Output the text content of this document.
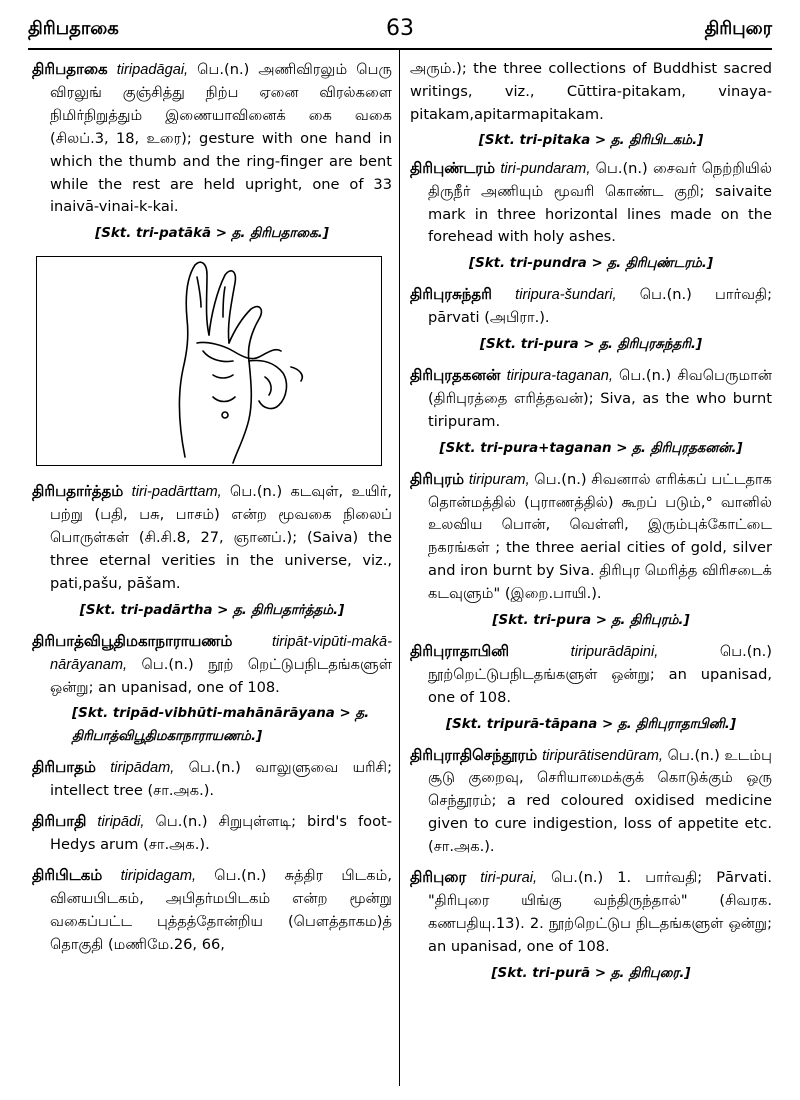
திரிபதாகை	63	திரிபுரை

திரிபதாகை tiripadāgai, பெ.(n.) அணிவிரலும் பெரு விரலுங் குஞ்சித்து நிற்ப ஏனை விரல்களை நிமிர்நிறுத்தும் இணையாவினைக் கை வகை (சிலப்.3, 18, உரை); gesture with one hand in which the thumb and the ring-finger are bent while the rest are held upright, one of 33 inaivā-vinai-k-kai.

[Skt. tri-patākā > த. திரிபதாகை.]

திரிபதார்த்தம் tiri-padārttam, பெ.(n.) கடவுள், உயிர், பற்று (பதி, பசு, பாசம்) என்ற மூவகை நிலைப் பொருள்கள் (சி.சி.8, 27, ஞானப்.); (Saiva) the three eternal verities in the universe, viz., pati,pašu, pāšam.

[Skt. tri-padārtha > த. திரிபதார்த்தம்.]

திரிபாத்விபூதிமகாநாராயணம்	tiripāt-vipūti-makā-nārāyanam, பெ.(n.) நூற் றெட்டுபநிடதங்களுள் ஒன்று; an upanisad, one of 108.

[Skt. tripād-vibhūti-mahānārāyana > த. திரிபாத்விபூதிமகாநாராயணம்.]

திரிபாதம் tiripādam, பெ.(n.) வாலுளுவை யரிசி; intellect tree (சா.அக.).

திரிபாதி tiripādi, பெ.(n.) சிறுபுள்ளடி; bird's foot-Hedys arum (சா.அக.).

திரிபிடகம் tiripidagam, பெ.(n.) சுத்திர பிடகம், வினயபிடகம், அபிதர்மபிடகம் என்ற மூன்று வகைப்பட்ட புத்தத்தோன்றிய (பௌத்தாகம)த் தொகுதி (மணிமே.26, 66,

அரும்.); the three collections of Buddhist sacred writings, viz., Cūttira-pitakam, vinaya-pitakam,apitarmapitakam.
[Skt. tri-pitaka > த. திரிபிடகம்.]

திரிபுண்டரம் tiri-pundaram, பெ.(n.) சைவர் நெற்றியில் திருநீர் அணியும் மூவரி கொண்ட குறி; saivaite mark in three horizontal lines made on the forehead with holy ashes.

[Skt. tri-pundra > த. திரிபுண்டரம்.]

திரிபுரசுந்தரி tiripura-šundari, பெ.(n.) பார்வதி; pārvati (அபிரா.).

[Skt. tri-pura > த. திரிபுரசுந்தரி.]

திரிபுரதகனன் tiripura-taganan, பெ.(n.) சிவபெருமான் (திரிபுரத்தை எரித்தவன்); Siva, as the who burnt tiripuram.

[Skt. tri-pura+taganan > த. திரிபுரதகனன்.]

திரிபுரம் tiripuram, பெ.(n.) சிவனால் எரிக்கப் பட்டதாக தொன்மத்தில் (புராணத்தில்) கூறப் படும்,° வானில் உலவிய பொன், வெள்ளி, இரும்புக்கோட்டை நகரங்கள் ; the three aerial cities of gold, silver and iron burnt by Siva. திரிபுர மெரித்த விரிசடைக் கடவுளும்" (இறை.பாயி.).

[Skt. tri-pura > த. திரிபுரம்.]

திரிபுராதாபினி	tiripurādāpini, பெ.(n.) நூற்றெட்டுபநிடதங்களுள் ஒன்று; an upanisad, one of 108.

[Skt. tripurā-tāpana > த. திரிபுராதாபினி.]

திரிபுராதிசெந்தூரம் tiripurātisendūram, பெ.(n.) உடம்பு சூடு குறைவு, செரியாமைக்குக் கொடுக்கும் ஒரு செந்தூரம்; a red coloured oxidised medicine given to cure indigestion, loss of appetite etc. (சா.அக.).

திரிபுரை tiri-purai, பெ.(n.) 1. பார்வதி; Pārvati. "திரிபுரை யிங்கு வந்திருந்தால்" (சிவரக. கணபதியு.13). 2. நூற்றெட்டுப நிடதங்களுள் ஒன்று; an upanisad, one of 108.

[Skt. tri-purā > த. திரிபுரை.]
